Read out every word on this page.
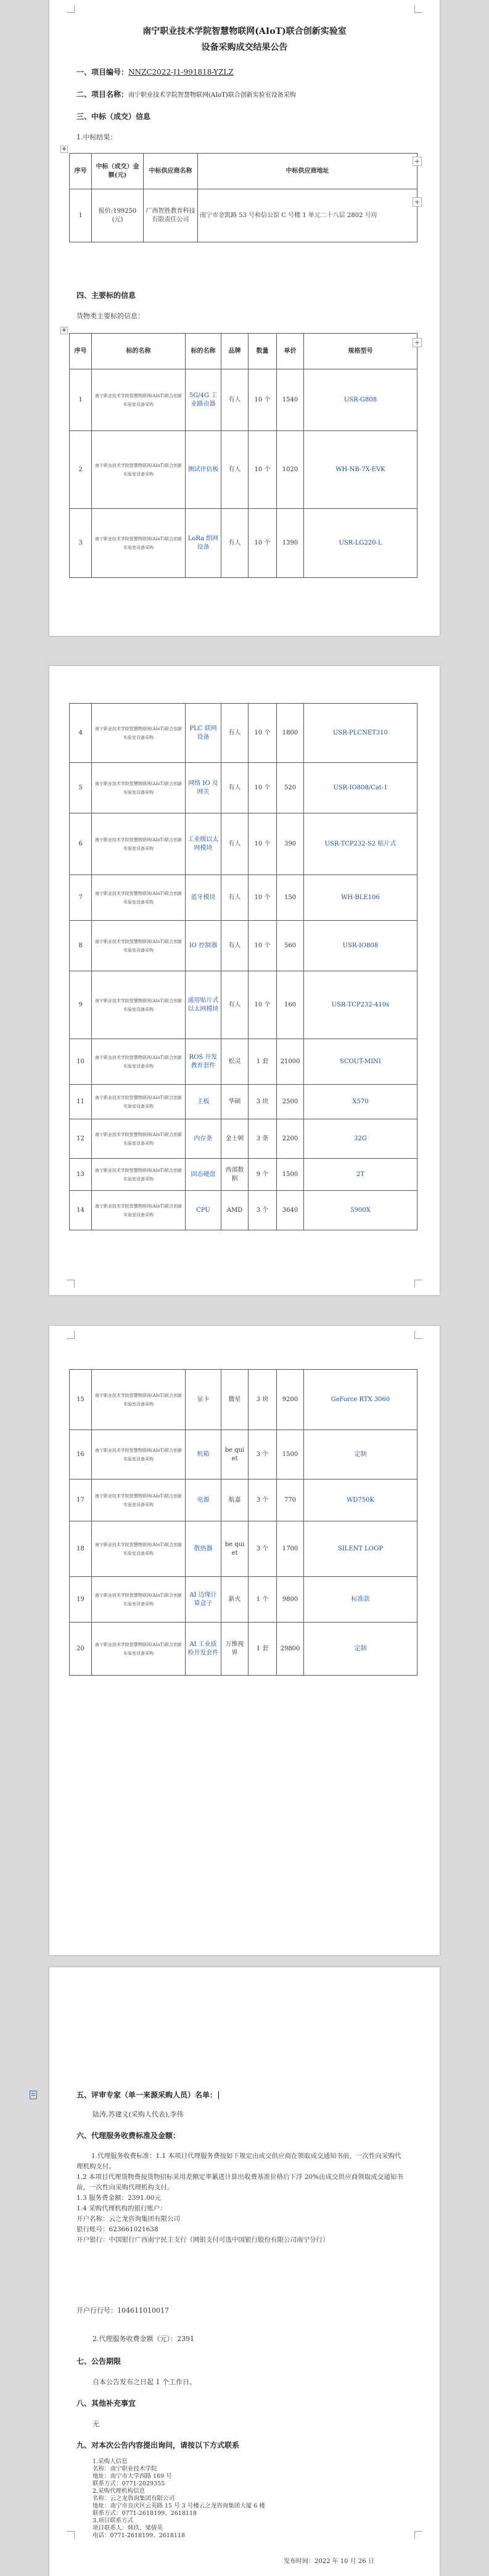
南宁职业技术学院智慧物联网(AIoT)联合创新实验室
设备采购成交结果公告
一、项目编号：NNZC2022-J1-991818-YZLZ
二、项目名称：南宁职业技术学院智慧物联网(AIoT)联合创新实验室设备采购
三、中标（成交）信息
1.中标结果：
✥
序号	中标（成交）金额(元)	中标供应商名称	中标供应商地址
1	报价:199250(元)	广西智胜教育科技有限责任公司	南宁市金凯路 53 号和信公馆 C 号楼 1 单元二十八层 2802 号房
+
+
四、主要标的信息
货物类主要标的信息：
✥
序号	标的名称	标的名称	品牌	数量	单价	规格型号
1	南宁职业技术学院智慧物联网(AIoT)联合创新实验室设备采购	5G/4G 工业路由器	有人	10 个	1540	USR-G808
2	南宁职业技术学院智慧物联网(AIoT)联合创新实验室设备采购	测试评估板	有人	10 个	1020	WH-NB-7X-EVK
3	南宁职业技术学院智慧物联网(AIoT)联合创新实验室设备采购	LoRa 组网设备	有人	10 个	1390	USR-LG220-L
+
4	南宁职业技术学院智慧物联网(AIoT)联合创新实验室设备采购	PLC 联网设备	有人	10 个	1800	USR-PLCNET310
5	南宁职业技术学院智慧物联网(AIoT)联合创新实验室设备采购	网络 IO 及网关	有人	10 个	520	USR-IO808/Cat-1
6	南宁职业技术学院智慧物联网(AIoT)联合创新实验室设备采购	工业级以太网模块	有人	10 个	390	USR-TCP232-S2 贴片式
7	南宁职业技术学院智慧物联网(AIoT)联合创新实验室设备采购	蓝牙模块	有人	10 个	150	WH-BLE106
8	南宁职业技术学院智慧物联网(AIoT)联合创新实验室设备采购	IO 控制器	有人	10 个	560	USR-IO808
9	南宁职业技术学院智慧物联网(AIoT)联合创新实验室设备采购	通用贴片式以太网模块	有人	10 个	160	USR-TCP232-410s
10	南宁职业技术学院智慧物联网(AIoT)联合创新实验室设备采购	ROS 开发教育套件	松灵	1 套	21000	SCOUT-MINI
11	南宁职业技术学院智慧物联网(AIoT)联合创新实验室设备采购	主板	华硕	3 块	2500	X570
12	南宁职业技术学院智慧物联网(AIoT)联合创新实验室设备采购	内存条	金士顿	3 条	2200	32G
13	南宁职业技术学院智慧物联网(AIoT)联合创新实验室设备采购	固态硬盘	西部数据	9 个	1500	2T
14	南宁职业技术学院智慧物联网(AIoT)联合创新实验室设备采购	CPU	AMD	3 个	3640	5900X
15	南宁职业技术学院智慧物联网(AIoT)联合创新实验室设备采购	显卡	微星	3 块	9200	GeForce RTX 3060
16	南宁职业技术学院智慧物联网(AIoT)联合创新实验室设备采购	机箱	be quiet	3 个	1500	定制
17	南宁职业技术学院智慧物联网(AIoT)联合创新实验室设备采购	电源	航嘉	3 个	770	WD750K
18	南宁职业技术学院智慧物联网(AIoT)联合创新实验室设备采购	散热器	be quiet	3 个	1700	SILENT LOOP
19	南宁职业技术学院智慧物联网(AIoT)联合创新实验室设备采购	AI 边缘计算盒子	新火	1 个	9800	标准款
20	南宁职业技术学院智慧物联网(AIoT)联合创新实验室设备采购	AI 工业质检开发套件	万维视界	1 套	29800	定制
五、评审专家（单一来源采购人员）名单：
陆涛,苏建义(采购人代表),李伟
六、代理服务收费标准及金额：
1.代理服务收费标准：1.1 本项目代理服务费按如下规定由成交供应商在领取成交通知书前，一次性向采购代理机构支付。
1.2 本项目代理货物费按货物招标采用差额定率累进计算出收费基准价格后下浮 20%由成交供应商领取成交通知书前，一次性向采购代理机构支付。
1.3 服务费金额：2391.00元
1.4 采购代理机构的银行账户：
开户名称：云之龙咨询集团有限公司
银行账号：623661021638
开户银行：中国银行广西南宁民主支行（网银支付可选中国银行股份有限公司南宁分行）
开户行行号：104611010017
2.代理服务收费金额（元）：2391
七、公告期限
自本公告发布之日起 1 个工作日。
八、其他补充事宜
无
九、对本次公告内容提出询问，请按以下方式联系
1.采购人信息
名称：南宁职业技术学院
地址：南宁市大学西路 169 号
联系方式：0771-2029355
2.采购代理机构信息
名称：云之龙咨询集团有限公司
地址：南宁市良庆区云英路 15 号 3 号楼云之龙咨询集团大厦 6 楼
联系方式：0771-2618199、2618118
3.项目联系方式
项目联系人：韩玖、梁倩英
电话：0771-2618199、2618118
发布时间：2022 年 10 月 26 日
